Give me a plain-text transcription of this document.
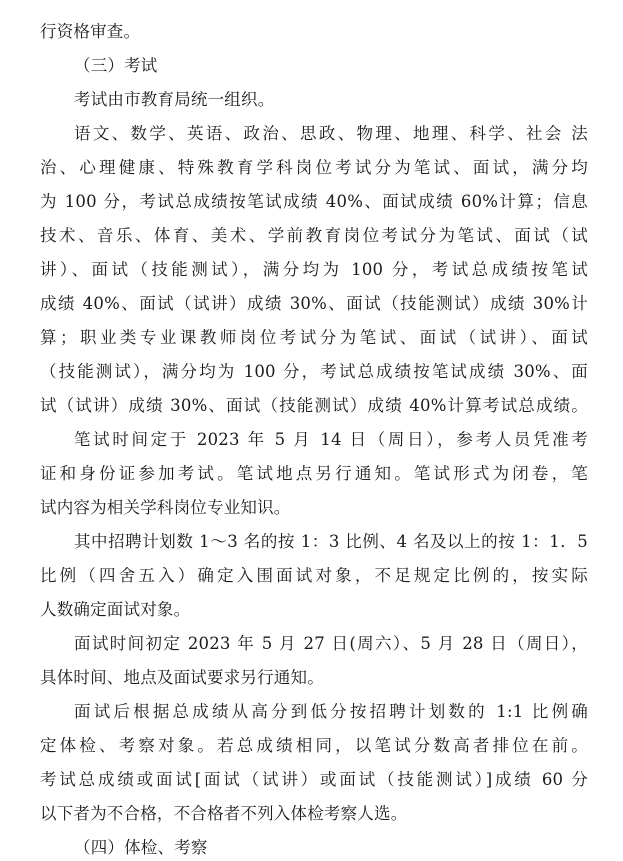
行资格审查。
（三）考试
考试由市教育局统一组织。
语文、数学、英语、政治、思政、物理、地理、科学、社会 法
治、心理健康、特殊教育学科岗位考试分为笔试、面试，满分均
为 100 分，考试总成绩按笔试成绩 40%、面试成绩 60%计算；信息
技术、音乐、体育、美术、学前教育岗位考试分为笔试、面试（试
讲）、面试（技能测试），满分均为 100 分，考试总成绩按笔试
成绩 40%、面试（试讲）成绩 30%、面试（技能测试）成绩 30%计
算；职业类专业课教师岗位考试分为笔试、面试（试讲）、面试
（技能测试），满分均为 100 分，考试总成绩按笔试成绩 30%、面
试（试讲）成绩 30%、面试（技能测试）成绩 40%计算考试总成绩。
笔试时间定于 2023 年 5 月 14 日（周日），参考人员凭准考
证和身份证参加考试。笔试地点另行通知。笔试形式为闭卷，笔
试内容为相关学科岗位专业知识。
其中招聘计划数 1～3 名的按 1：3 比例、4 名及以上的按 1：1．5
比例（四舍五入）确定入围面试对象，不足规定比例的，按实际
人数确定面试对象。
面试时间初定 2023 年 5 月 27 日(周六）、5 月 28 日（周日），
具体时间、地点及面试要求另行通知。
面试后根据总成绩从高分到低分按招聘计划数的 1:1 比例确
定体检、考察对象。若总成绩相同，以笔试分数高者排位在前。
考试总成绩或面试[面试（试讲）或面试（技能测试）]成绩 60 分
以下者为不合格，不合格者不列入体检考察人选。
（四）体检、考察
